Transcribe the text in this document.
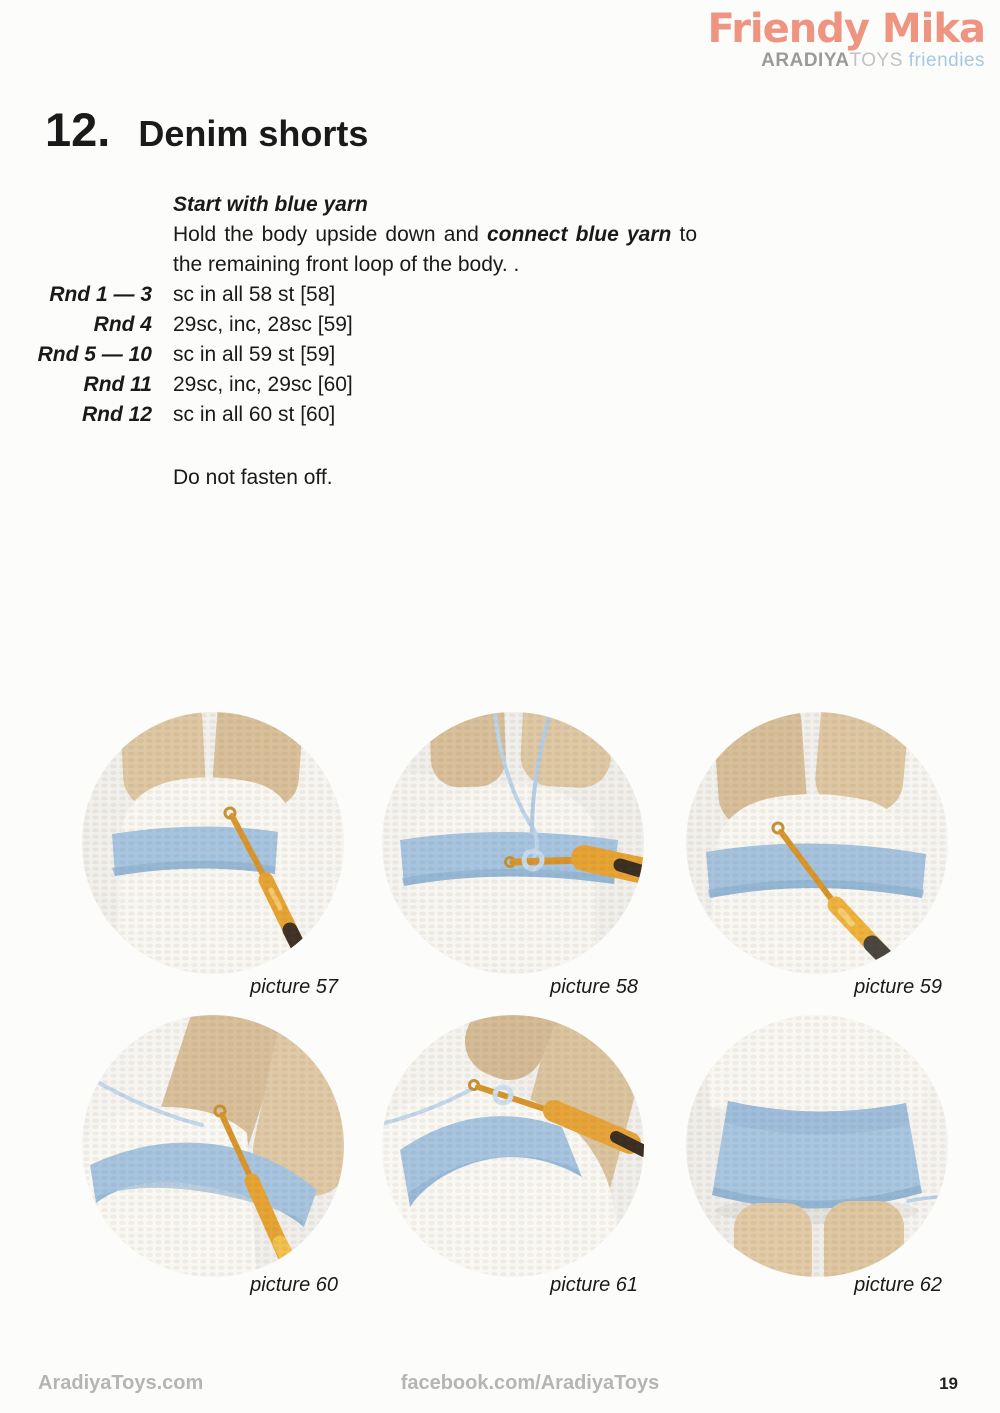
Friendy Mika
ARADIYATOYS friendies
12. Denim shorts
Start with blue yarn
Hold the body upside down and connect blue yarn to the remaining front loop of the body. .
Rnd 1 — 3 sc in all 58 st [58]
Rnd 4 29sc, inc, 28sc [59]
Rnd 5 — 10 sc in all 59 st [59]
Rnd 11 29sc, inc, 29sc [60]
Rnd 12 sc in all 60 st [60]
Do not fasten off.
picture 57	picture 58	picture 59
picture 60	picture 61	picture 62
AradiyaToys.com	facebook.com/AradiyaToys	19
